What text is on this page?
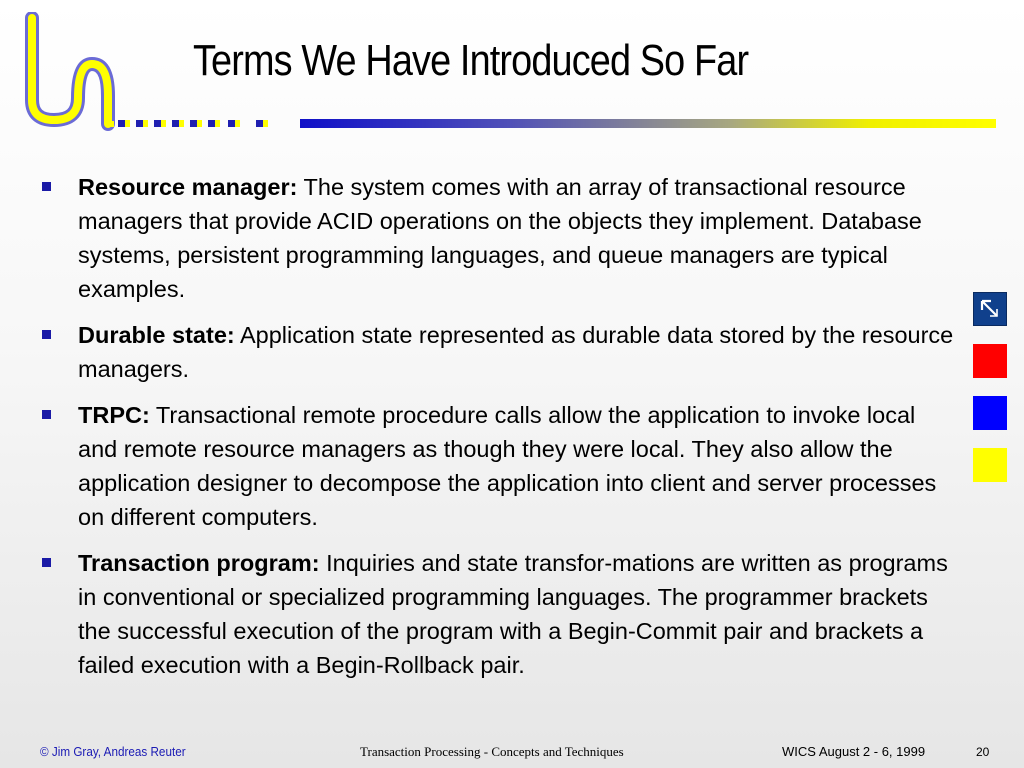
Terms We Have Introduced So Far
Resource manager: The system comes with an array of transactional resource managers that provide ACID operations on the objects they implement. Database systems, persistent programming languages, and queue managers are typical examples.
Durable state: Application state represented as durable data stored by the resource managers.
TRPC: Transactional remote procedure calls allow the application to invoke local and remote resource managers as though they were local. They also allow the application designer to decompose the application into client and server processes on different computers.
Transaction program: Inquiries and state transfor-mations are written as programs in conventional or specialized programming languages. The programmer brackets the successful execution of the program with a Begin-Commit pair and brackets a failed execution with a Begin-Rollback pair.
© Jim Gray, Andreas Reuter	Transaction Processing - Concepts and Techniques	WICS August 2 - 6, 1999	20
